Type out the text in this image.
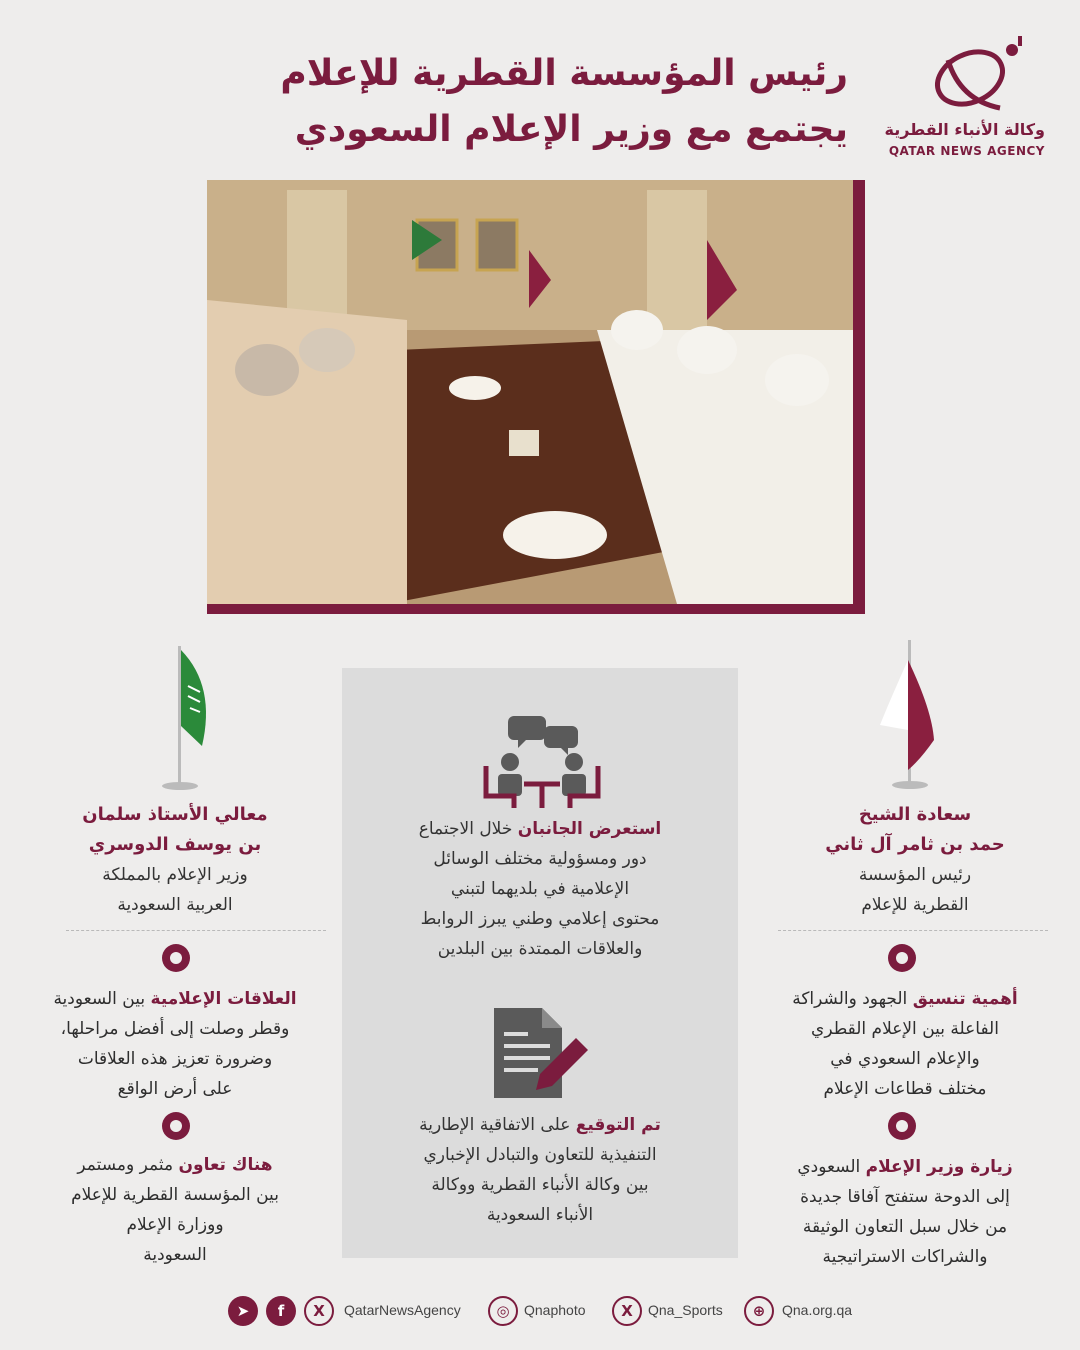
وكالة الأنباء القطرية
QATAR NEWS AGENCY
رئيس المؤسسة القطرية للإعلام
يجتمع مع وزير الإعلام السعودي
سعادة الشيخ
حمد بن ثامر آل ثاني
رئيس المؤسسة
القطرية للإعلام
أهمية تنسيق الجهود والشراكة
الفاعلة بين الإعلام القطري
والإعلام السعودي في
مختلف قطاعات الإعلام
زيارة وزير الإعلام السعودي
إلى الدوحة ستفتح آفاقا جديدة
من خلال سبل التعاون الوثيقة
والشراكات الاستراتيجية
معالي الأستاذ سلمان
بن يوسف الدوسري
وزير الإعلام بالمملكة
العربية السعودية
العلاقات الإعلامية بين السعودية
وقطر وصلت إلى أفضل مراحلها،
وضرورة تعزيز هذه العلاقات
على أرض الواقع
هناك تعاون مثمر ومستمر
بين المؤسسة القطرية للإعلام
ووزارة الإعلام
السعودية
استعرض الجانبان خلال الاجتماع
دور ومسؤولية مختلف الوسائل
الإعلامية في بلديهما لتبني
محتوى إعلامي وطني يبرز الروابط
والعلاقات الممتدة بين البلدين
تم التوقيع على الاتفاقية الإطارية
التنفيذية للتعاون والتبادل الإخباري
بين وكالة الأنباء القطرية ووكالة
الأنباء السعودية
➤	f	X	QatarNewsAgency	◎	Qnaphoto	X	Qna_Sports	⊕	Qna.org.qa
